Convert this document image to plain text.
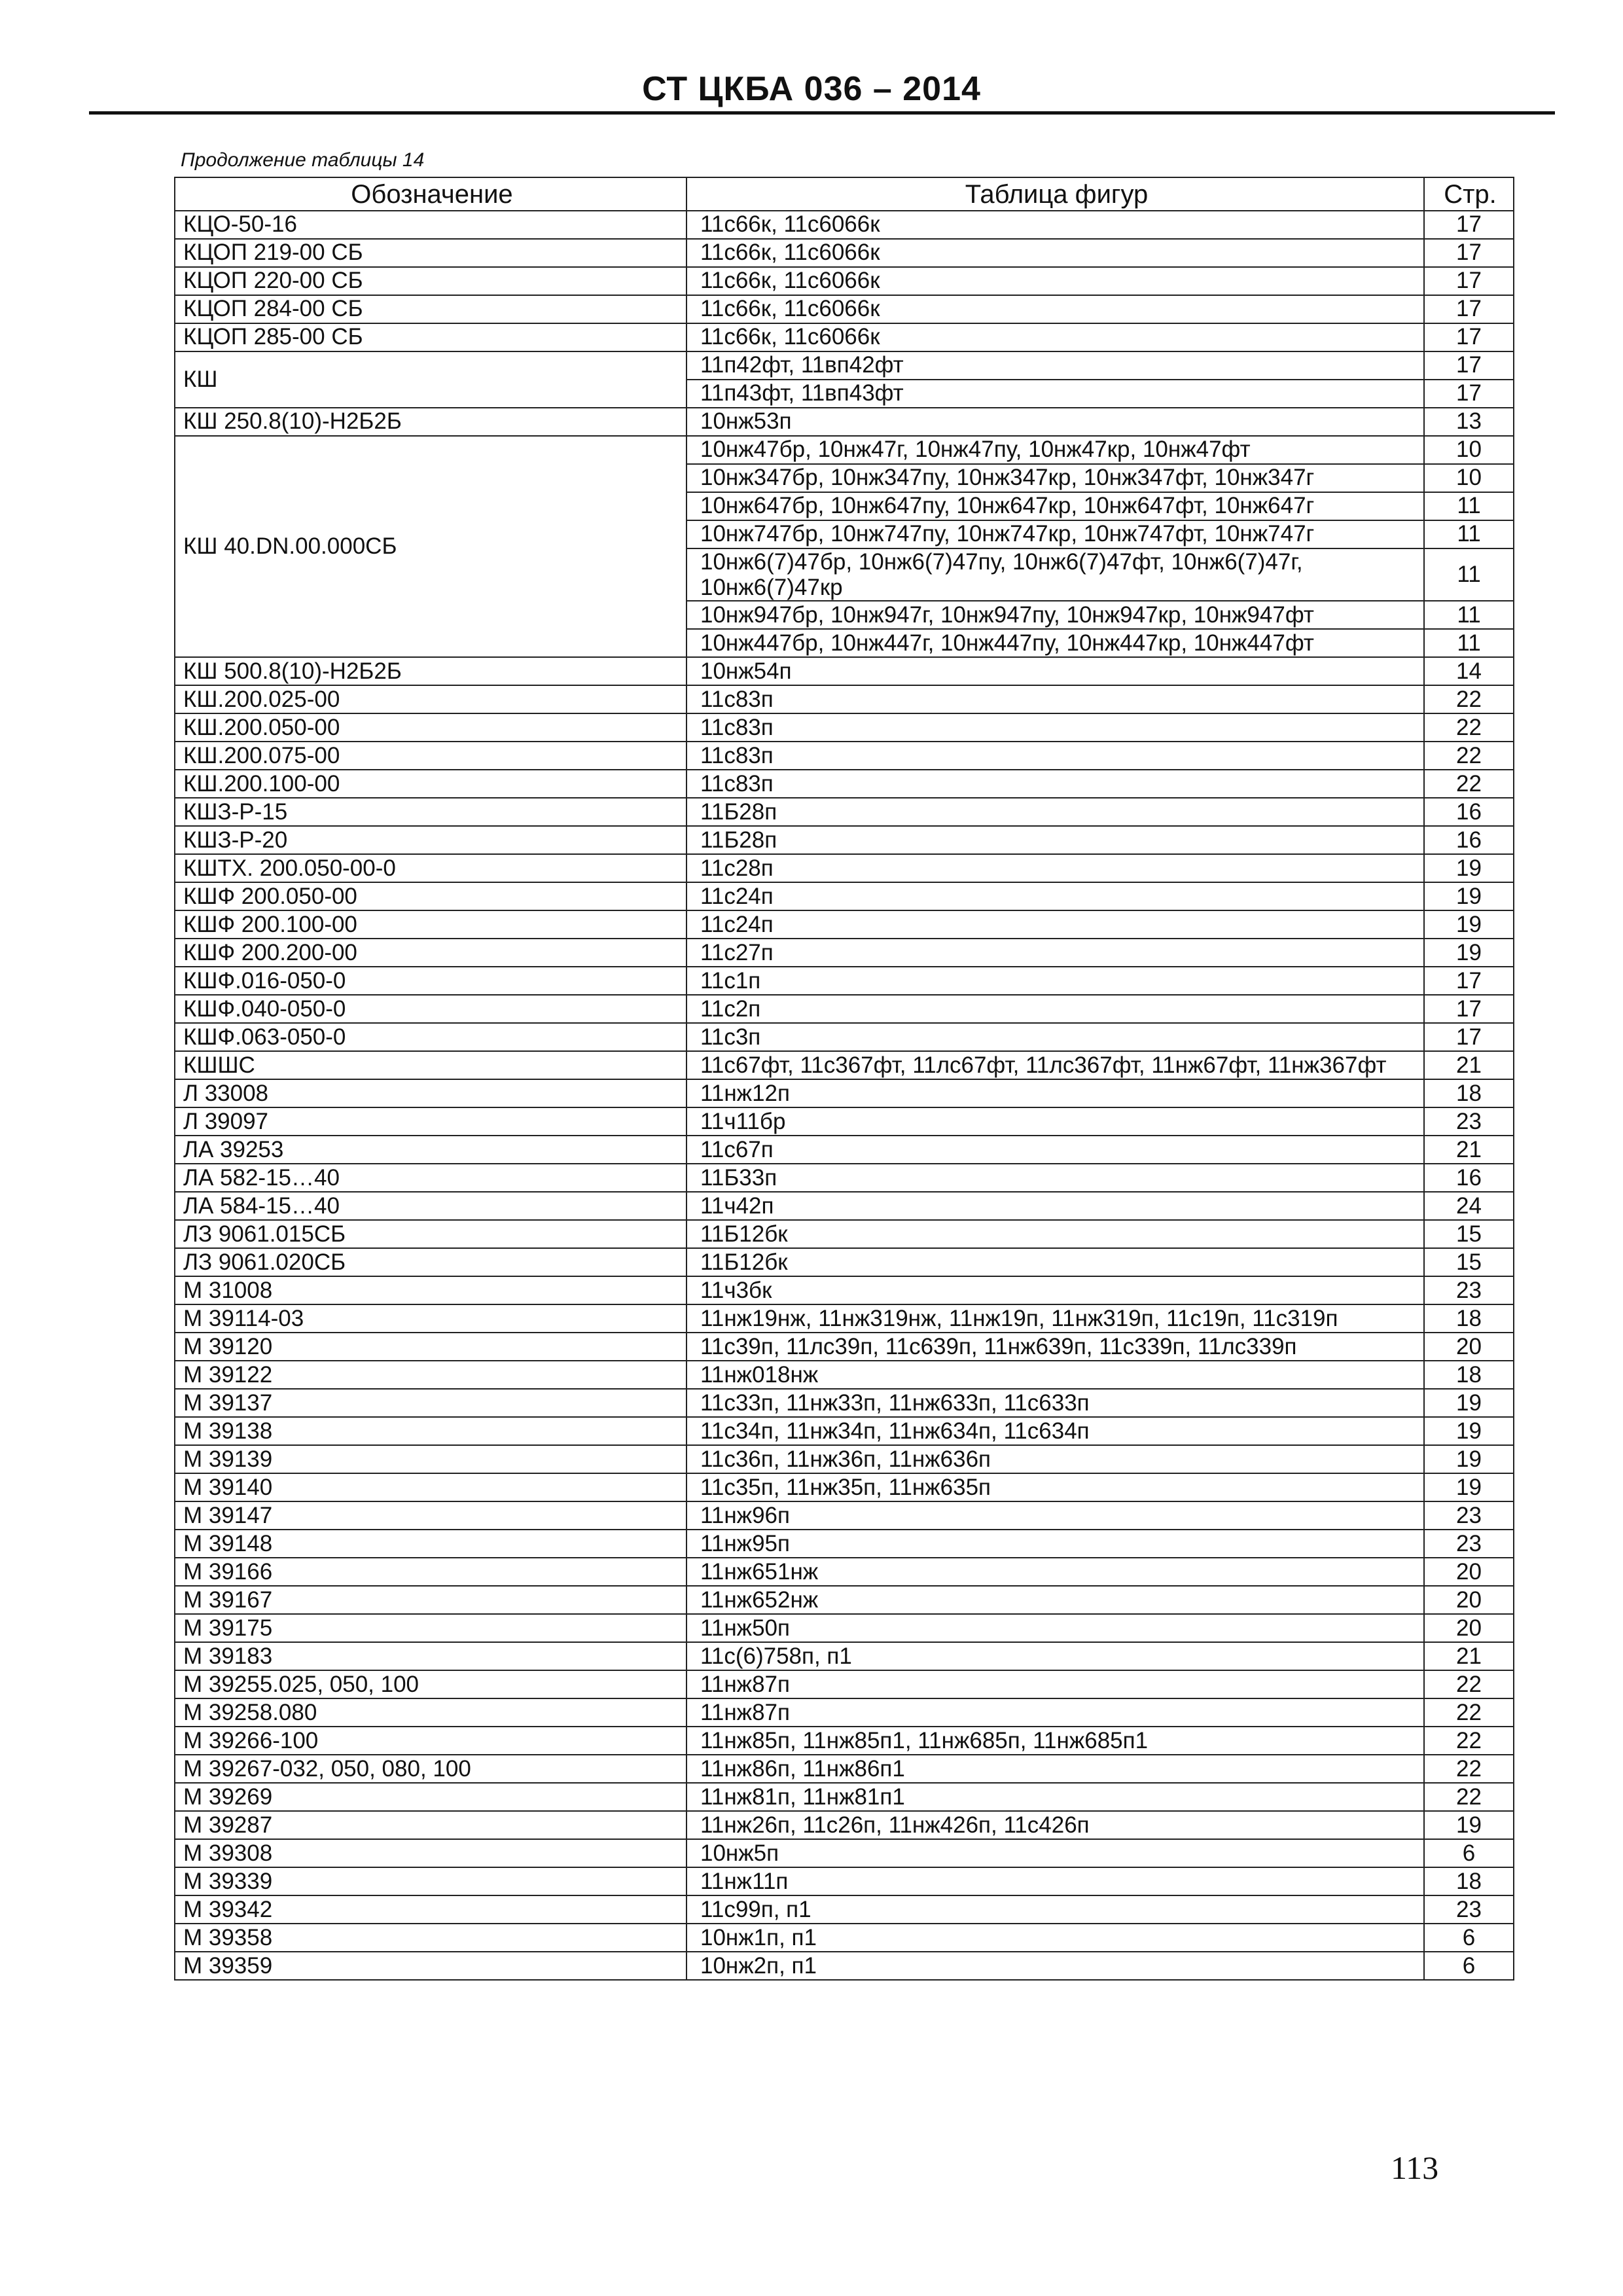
СТ ЦКБА 036 – 2014
Продолжение таблицы 14
Обозначение	Таблица фигур	Стр.
КЦО-50-16	11с66к, 11с6066к	17
КЦОП 219-00 СБ	11с66к, 11с6066к	17
КЦОП 220-00 СБ	11с66к, 11с6066к	17
КЦОП 284-00 СБ	11с66к, 11с6066к	17
КЦОП 285-00 СБ	11с66к, 11с6066к	17
КШ	11п42фт, 11вп42фт	17
	11п43фт, 11вп43фт	17
КШ 250.8(10)-Н2Б2Б	10нж53п	13
КШ 40.DN.00.000СБ	10нж47бр, 10нж47г, 10нж47пу, 10нж47кр, 10нж47фт	10
	10нж347бр, 10нж347пу, 10нж347кр, 10нж347фт, 10нж347г	10
	10нж647бр, 10нж647пу, 10нж647кр, 10нж647фт, 10нж647г	11
	10нж747бр, 10нж747пу, 10нж747кр, 10нж747фт, 10нж747г	11
	10нж6(7)47бр, 10нж6(7)47пу, 10нж6(7)47фт, 10нж6(7)47г, 10нж6(7)47кр	11
	10нж947бр, 10нж947г, 10нж947пу, 10нж947кр, 10нж947фт	11
	10нж447бр, 10нж447г, 10нж447пу, 10нж447кр, 10нж447фт	11
КШ 500.8(10)-Н2Б2Б	10нж54п	14
КШ.200.025-00	11с83п	22
КШ.200.050-00	11с83п	22
КШ.200.075-00	11с83п	22
КШ.200.100-00	11с83п	22
КШЗ-Р-15	11Б28п	16
КШЗ-Р-20	11Б28п	16
КШТХ. 200.050-00-0	11с28п	19
КШФ 200.050-00	11с24п	19
КШФ 200.100-00	11с24п	19
КШФ 200.200-00	11с27п	19
КШФ.016-050-0	11с1п	17
КШФ.040-050-0	11с2п	17
КШФ.063-050-0	11с3п	17
КШШС	11с67фт, 11с367фт, 11лс67фт, 11лс367фт, 11нж67фт, 11нж367фт	21
Л 33008	11нж12п	18
Л 39097	11ч11бр	23
ЛА 39253	11с67п	21
ЛА 582-15…40	11Б33п	16
ЛА 584-15…40	11ч42п	24
ЛЗ 9061.015СБ	11Б12бк	15
ЛЗ 9061.020СБ	11Б12бк	15
М 31008	11ч3бк	23
М 39114-03	11нж19нж, 11нж319нж, 11нж19п, 11нж319п, 11с19п, 11с319п	18
М 39120	11с39п, 11лс39п, 11с639п, 11нж639п, 11с339п, 11лс339п	20
М 39122	11нж018нж	18
М 39137	11с33п, 11нж33п, 11нж633п, 11с633п	19
М 39138	11с34п, 11нж34п, 11нж634п, 11с634п	19
М 39139	11с36п, 11нж36п, 11нж636п	19
М 39140	11с35п, 11нж35п, 11нж635п	19
М 39147	11нж96п	23
М 39148	11нж95п	23
М 39166	11нж651нж	20
М 39167	11нж652нж	20
М 39175	11нж50п	20
М 39183	11с(6)758п, п1	21
М 39255.025, 050, 100	11нж87п	22
М 39258.080	11нж87п	22
М 39266-100	11нж85п, 11нж85п1, 11нж685п, 11нж685п1	22
М 39267-032, 050, 080, 100	11нж86п, 11нж86п1	22
М 39269	11нж81п, 11нж81п1	22
М 39287	11нж26п, 11с26п, 11нж426п, 11с426п	19
М 39308	10нж5п	6
М 39339	11нж11п	18
М 39342	11с99п, п1	23
М 39358	10нж1п, п1	6
М 39359	10нж2п, п1	6
113
